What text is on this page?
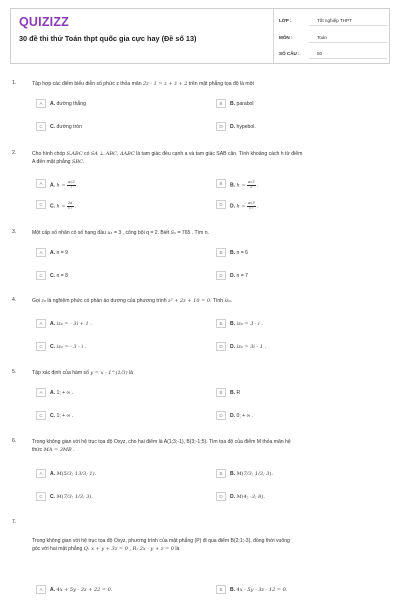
QUIZIZZ
30 đề thi thử Toán thpt quốc gia cực hay (Đề số 13)
LỚP :	Tốt nghiệp THPT
MÔN :	Toán
SỐ CÂU :	50
1.	Tập hợp các điểm biểu diễn số phức z thỏa mãn 2z - 1 = z + z̄ + 2 trên mặt phẳng tọa độ là một
A	A. đường thẳng	B	B. parabol
C	C. đường tròn	D	D. hypebol.
2.	Cho hình chóp S.ABC có SA ⊥ ABC, ΔABC là tam giác đều cạnh a và tam giác SAB cân. Tính khoảng cách h từ điểm
A đến mặt phẳng SBC.
A	A. $h = \frac{a√3}{7}$ .	B	B. $h = \frac{a√3}{2}$ .
C	C. $h = \frac{2a}{√7}$ .	D	D. $h = \frac{a√3}{√7}$ .
3.	Một cấp số nhân có số hạng đầu u₁ = 3 , công bội q = 2. Biết Sₙ = 765 . Tìm n.
A	A. n = 9	B	B. n = 6
C	C. n = 8	D	D. n = 7
4.	Gọi z₀ là nghiệm phức có phần ảo dương của phương trình z² + 2z + 10 = 0. Tính iz₀.
A	A. iz₀ = - 3i + 1 .	B	B. iz₀ = 3 - i .
C	C. iz₀ = - 3 - i .	D	D. iz₀ = 3i - 1 .
5.	Tập xác định của hàm số y = x - 1^(1/3) là
A	A. 1; + ∞ .	B	B. R
C	C. 1; + ∞ .	D	D. 0; + ∞ .
6.	Trong không gian với hệ trục tọa độ Oxyz, cho hai điểm là A(1;3;-1), B(3;-1;5). Tìm tọa độ của điểm M thỏa mãn hệ
thức MA = 3MB .
A	A. M(5/3; 13/3; 1).	B	B. M(7/3; 1/3; 3).
C	C. M(7/3; 1/3; 3).	D	D. M(4; -3; 8).
7.
Trong không gian với hệ trục tọa độ Oxyz, phương trình của mặt phẳng (P) đi qua điểm B(2;1;-3), đồng thời vuông
góc với hai mặt phẳng Q: x + y + 3z = 0 , R: 2x - y + z = 0 là
A	A. 4x + 5y - 3z + 22 = 0.	B	B. 4x - 5y - 3z - 12 = 0.
